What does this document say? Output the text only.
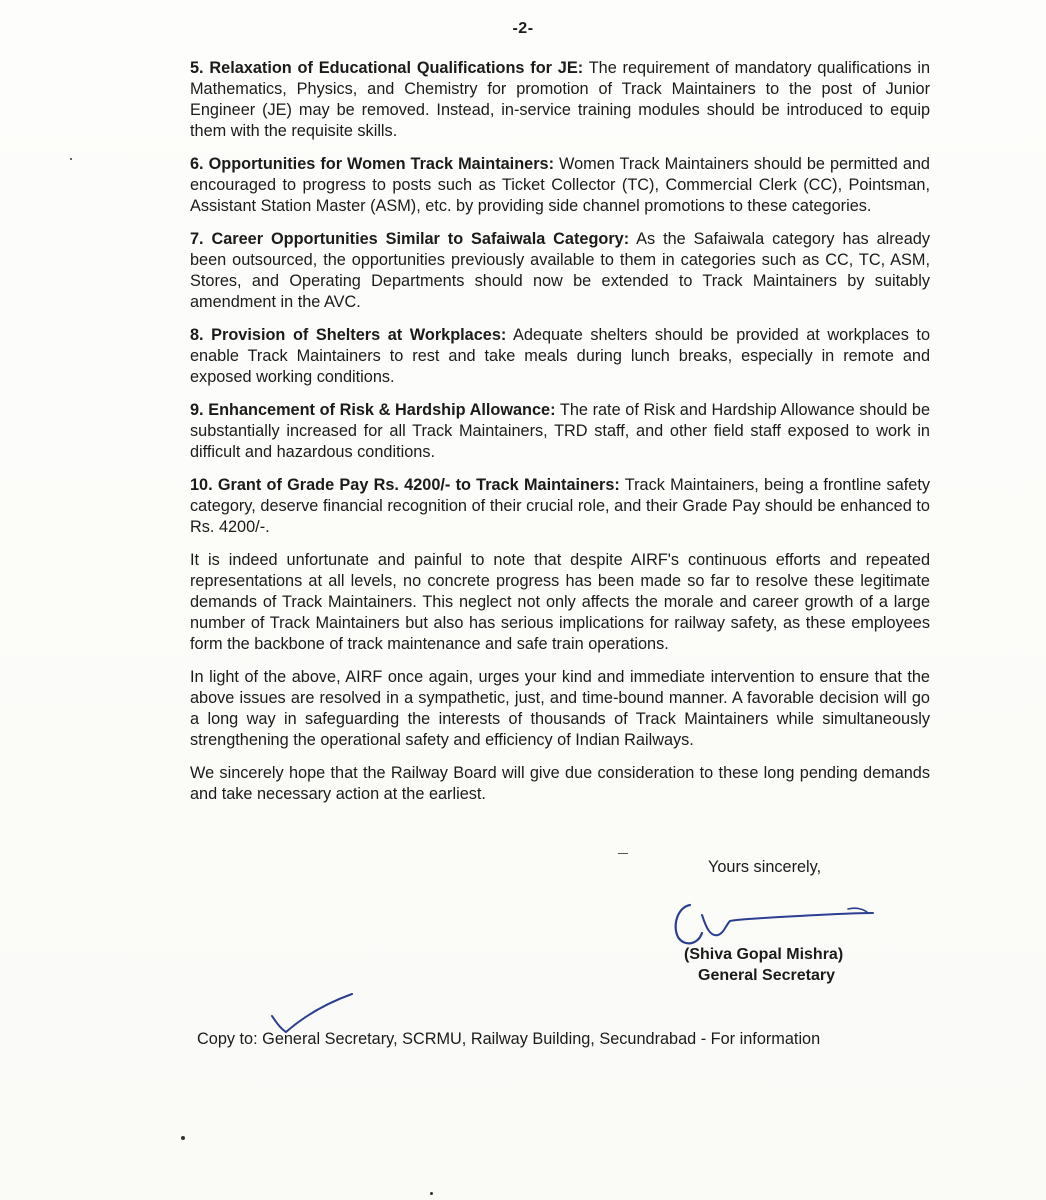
-2-

5. Relaxation of Educational Qualifications for JE: The requirement of mandatory qualifications in Mathematics, Physics, and Chemistry for promotion of Track Maintainers to the post of Junior Engineer (JE) may be removed. Instead, in-service training modules should be introduced to equip them with the requisite skills.

6. Opportunities for Women Track Maintainers: Women Track Maintainers should be permitted and encouraged to progress to posts such as Ticket Collector (TC), Commercial Clerk (CC), Pointsman, Assistant Station Master (ASM), etc. by providing side channel promotions to these categories.

7. Career Opportunities Similar to Safaiwala Category: As the Safaiwala category has already been outsourced, the opportunities previously available to them in categories such as CC, TC, ASM, Stores, and Operating Departments should now be extended to Track Maintainers by suitably amendment in the AVC.

8. Provision of Shelters at Workplaces: Adequate shelters should be provided at workplaces to enable Track Maintainers to rest and take meals during lunch breaks, especially in remote and exposed working conditions.

9. Enhancement of Risk & Hardship Allowance: The rate of Risk and Hardship Allowance should be substantially increased for all Track Maintainers, TRD staff, and other field staff exposed to work in difficult and hazardous conditions.

10. Grant of Grade Pay Rs. 4200/- to Track Maintainers: Track Maintainers, being a frontline safety category, deserve financial recognition of their crucial role, and their Grade Pay should be enhanced to Rs. 4200/-.

It is indeed unfortunate and painful to note that despite AIRF's continuous efforts and repeated representations at all levels, no concrete progress has been made so far to resolve these legitimate demands of Track Maintainers. This neglect not only affects the morale and career growth of a large number of Track Maintainers but also has serious implications for railway safety, as these employees form the backbone of track maintenance and safe train operations.

In light of the above, AIRF once again, urges your kind and immediate intervention to ensure that the above issues are resolved in a sympathetic, just, and time-bound manner. A favorable decision will go a long way in safeguarding the interests of thousands of Track Maintainers while simultaneously strengthening the operational safety and efficiency of Indian Railways.

We sincerely hope that the Railway Board will give due consideration to these long pending demands and take necessary action at the earliest.

Yours sincerely,
(Shiva Gopal Mishra)
General Secretary
Copy to: General Secretary, SCRMU, Railway Building, Secundrabad - For information
